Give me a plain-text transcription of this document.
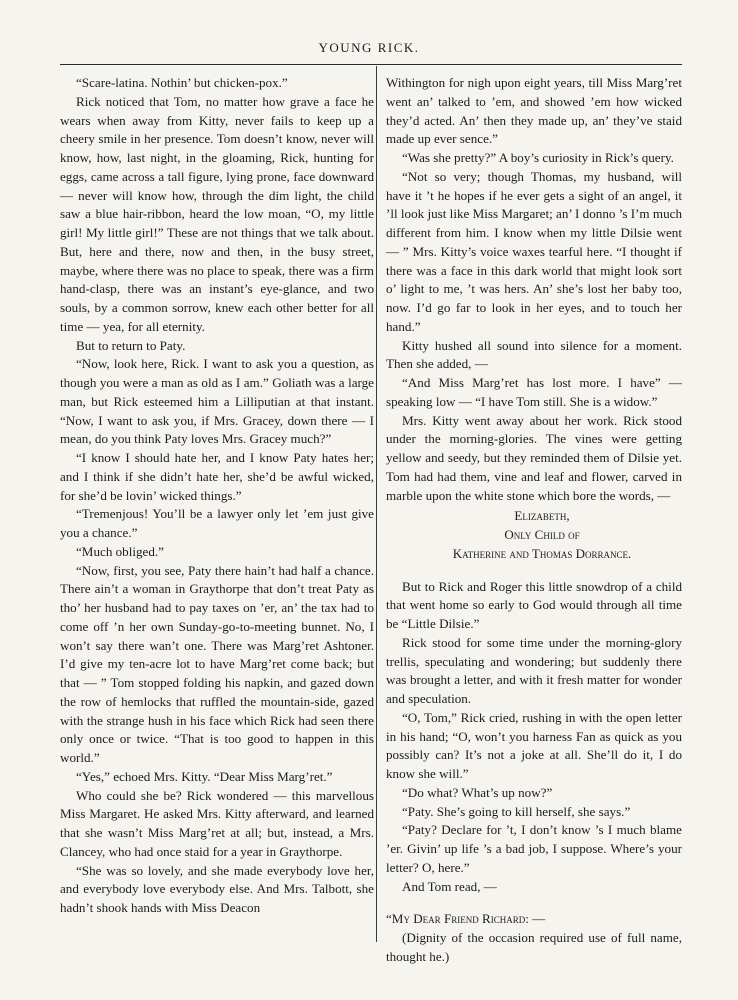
YOUNG RICK.

“Scare-latina. Nothin’ but chicken-pox.”

Rick noticed that Tom, no matter how grave a face he wears when away from Kitty, never fails to keep up a cheery smile in her presence. Tom doesn’t know, never will know, how, last night, in the gloaming, Rick, hunting for eggs, came across a tall figure, lying prone, face downward — never will know how, through the dim light, the child saw a blue hair-ribbon, heard the low moan, “O, my little girl! My little girl!” These are not things that we talk about. But, here and there, now and then, in the busy street, maybe, where there was no place to speak, there was a firm hand-clasp, there was an instant’s eye-glance, and two souls, by a common sorrow, knew each other better for all time — yea, for all eternity.

But to return to Paty.

“Now, look here, Rick. I want to ask you a question, as though you were a man as old as I am.” Goliath was a large man, but Rick esteemed him a Lilliputian at that instant. “Now, I want to ask you, if Mrs. Gracey, down there — I mean, do you think Paty loves Mrs. Gracey much?”

“I know I should hate her, and I know Paty hates her; and I think if she didn’t hate her, she’d be awful wicked, for she’d be lovin’ wicked things.”

“Tremenjous! You’ll be a lawyer only let ’em just give you a chance.”

“Much obliged.”

“Now, first, you see, Paty there hain’t had half a chance. There ain’t a woman in Graythorpe that don’t treat Paty as tho’ her husband had to pay taxes on ’er, an’ the tax had to come off ’n her own Sunday-go-to-meeting bunnet. No, I won’t say there wan’t one. There was Marg’ret Ashtoner. I’d give my ten-acre lot to have Marg’ret come back; but that — ” Tom stopped folding his napkin, and gazed down the row of hemlocks that ruffled the mountain-side, gazed with the strange hush in his face which Rick had seen there only once or twice. “That is too good to happen in this world.”

“Yes,” echoed Mrs. Kitty. “Dear Miss Marg’ret.”

Who could she be? Rick wondered — this marvellous Miss Margaret. He asked Mrs. Kitty afterward, and learned that she wasn’t Miss Marg’ret at all; but, instead, a Mrs. Clancey, who had once staid for a year in Graythorpe.

“She was so lovely, and she made everybody love her, and everybody love everybody else. And Mrs. Talbott, she hadn’t shook hands with Miss Deacon

Withington for nigh upon eight years, till Miss Marg’ret went an’ talked to ’em, and showed ’em how wicked they’d acted. An’ then they made up, an’ they’ve staid made up ever sence.”

“Was she pretty?” A boy’s curiosity in Rick’s query.

“Not so very; though Thomas, my husband, will have it ’t he hopes if he ever gets a sight of an angel, it ’ll look just like Miss Margaret; an’ I donno ’s I’m much different from him. I know when my little Dilsie went — ” Mrs. Kitty’s voice waxes tearful here. “I thought if there was a face in this dark world that might look sort o’ light to me, ’t was hers. An’ she’s lost her baby too, now. I’d go far to look in her eyes, and to touch her hand.”

Kitty hushed all sound into silence for a moment. Then she added, —

“And Miss Marg’ret has lost more. I have” — speaking low — “I have Tom still. She is a widow.”

Mrs. Kitty went away about her work. Rick stood under the morning-glories. The vines were getting yellow and seedy, but they reminded them of Dilsie yet. Tom had had them, vine and leaf and flower, carved in marble upon the white stone which bore the words, —

Elizabeth,

Only Child of

Katherine and Thomas Dorrance.

But to Rick and Roger this little snowdrop of a child that went home so early to God would through all time be “Little Dilsie.”

Rick stood for some time under the morning-glory trellis, speculating and wondering; but suddenly there was brought a letter, and with it fresh matter for wonder and speculation.

“O, Tom,” Rick cried, rushing in with the open letter in his hand; “O, won’t you harness Fan as quick as you possibly can? It’s not a joke at all. She’ll do it, I do know she will.”

“Do what? What’s up now?”

“Paty. She’s going to kill herself, she says.”

“Paty? Declare for ’t, I don’t know ’s I much blame ’er. Givin’ up life ’s a bad job, I suppose. Where’s your letter? O, here.”

And Tom read, —

“My Dear Friend Richard: —

(Dignity of the occasion required use of full name, thought he.)
